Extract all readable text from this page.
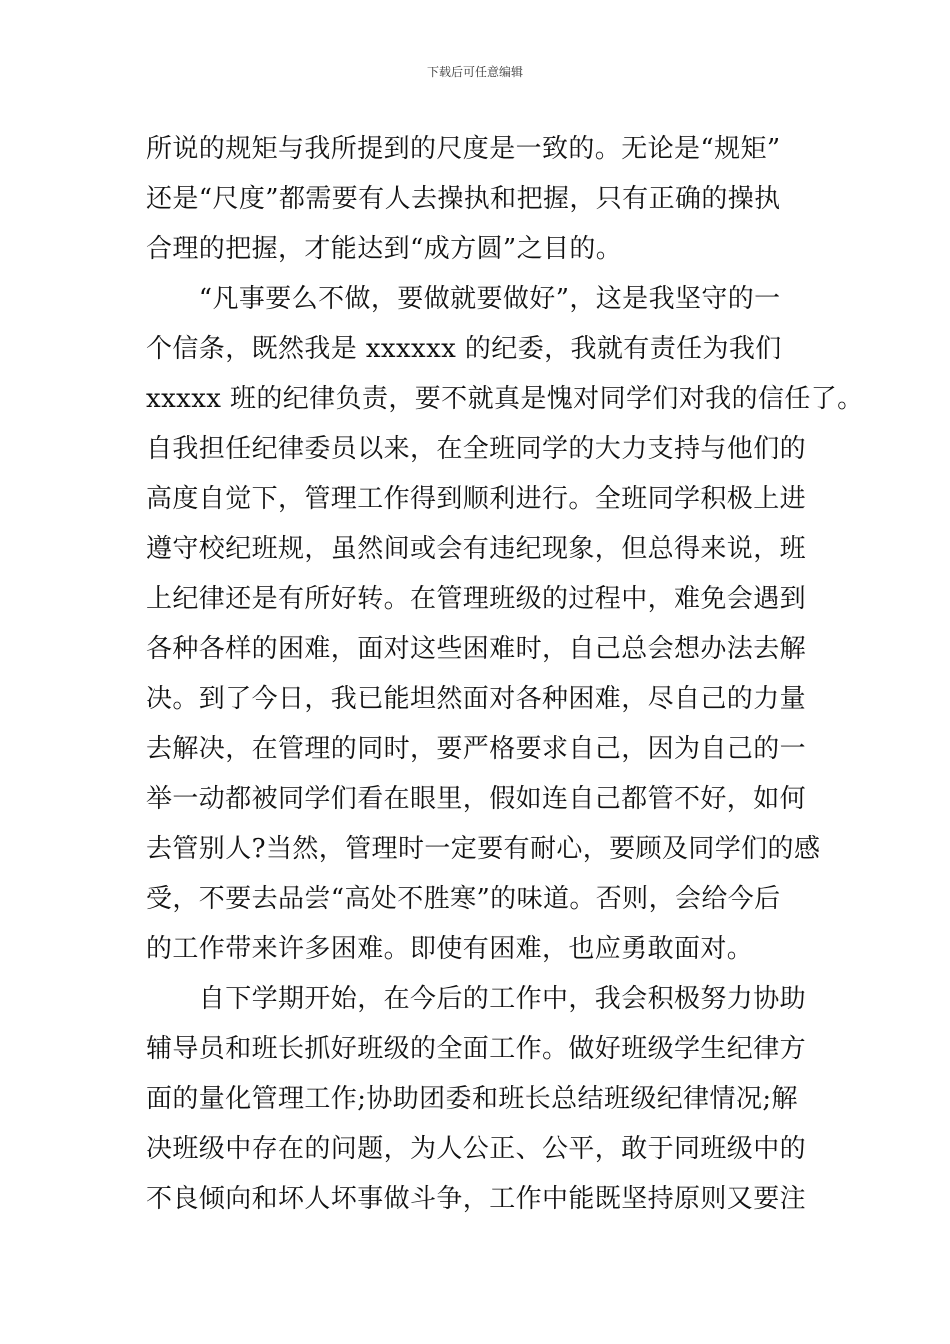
下载后可任意编辑
所说的规矩与我所提到的尺度是一致的。无论是“规矩”
还是“尺度”都需要有人去操执和把握，只有正确的操执
合理的把握，才能达到“成方圆”之目的。
　　“凡事要么不做，要做就要做好”，这是我坚守的一
个信条，既然我是 xxxxxx 的纪委，我就有责任为我们
xxxxx 班的纪律负责，要不就真是愧对同学们对我的信任了。
自我担任纪律委员以来，在全班同学的大力支持与他们的
高度自觉下，管理工作得到顺利进行。全班同学积极上进
遵守校纪班规，虽然间或会有违纪现象，但总得来说，班
上纪律还是有所好转。在管理班级的过程中，难免会遇到
各种各样的困难，面对这些困难时，自己总会想办法去解
决。到了今日，我已能坦然面对各种困难，尽自己的力量
去解决，在管理的同时，要严格要求自己，因为自己的一
举一动都被同学们看在眼里，假如连自己都管不好，如何
去管别人?当然，管理时一定要有耐心，要顾及同学们的感
受，不要去品尝“高处不胜寒”的味道。否则，会给今后
的工作带来许多困难。即使有困难，也应勇敢面对。
　　自下学期开始，在今后的工作中，我会积极努力协助
辅导员和班长抓好班级的全面工作。做好班级学生纪律方
面的量化管理工作;协助团委和班长总结班级纪律情况;解
决班级中存在的问题，为人公正、公平，敢于同班级中的
不良倾向和坏人坏事做斗争，工作中能既坚持原则又要注
